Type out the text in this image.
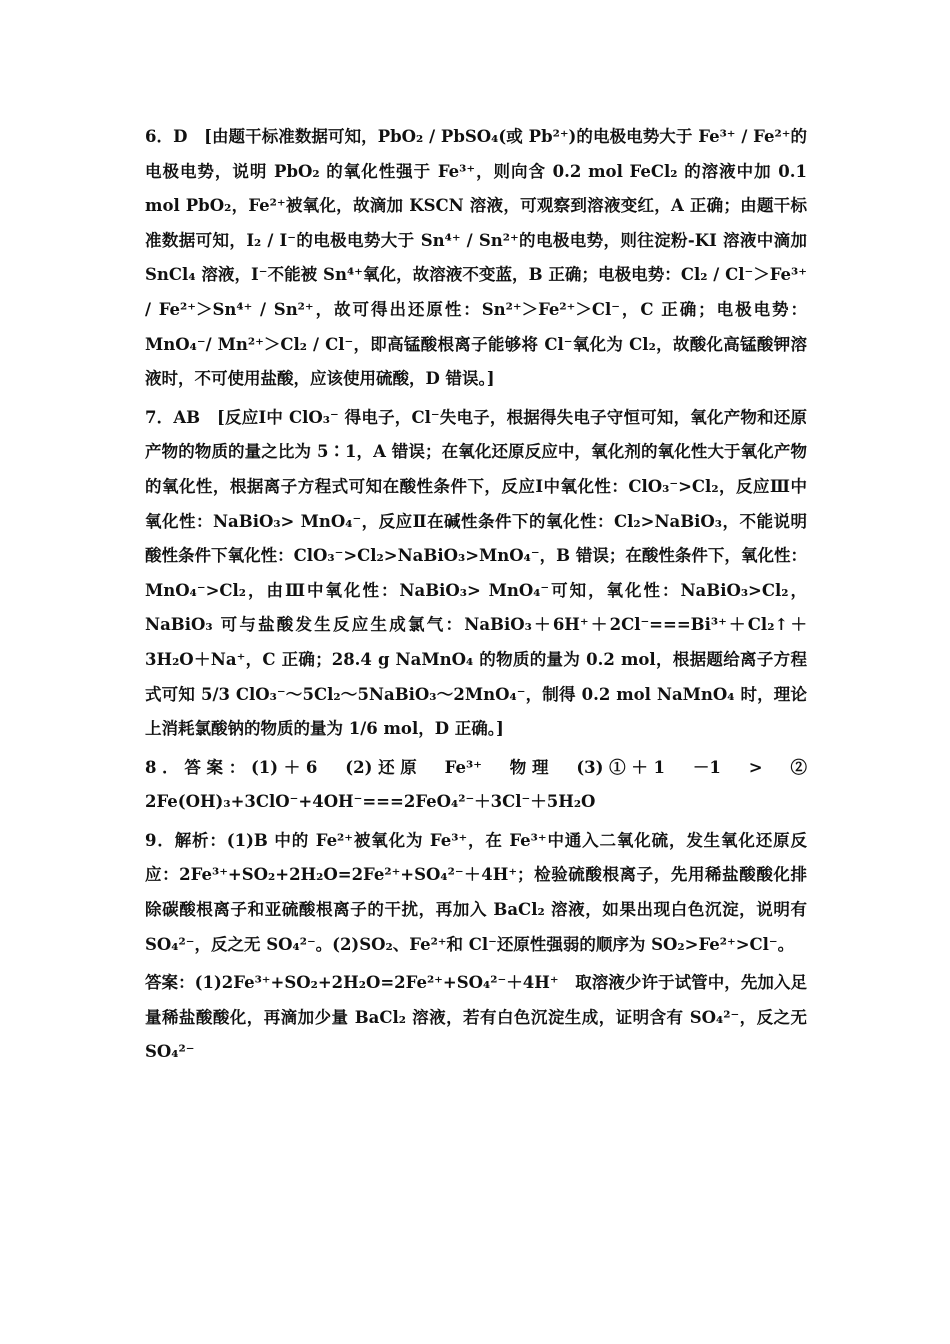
6．D　[由题干标准数据可知，PbO₂ / PbSO₄(或 Pb²⁺)的电极电势大于 Fe³⁺ / Fe²⁺的电极电势，说明 PbO₂ 的氧化性强于 Fe³⁺，则向含 0.2 mol FeCl₂ 的溶液中加 0.1 mol PbO₂，Fe²⁺被氧化，故滴加 KSCN 溶液，可观察到溶液变红，A 正确；由题干标准数据可知，I₂ / I⁻的电极电势大于 Sn⁴⁺ / Sn²⁺的电极电势，则往淀粉-KI 溶液中滴加 SnCl₄ 溶液，I⁻不能被 Sn⁴⁺氧化，故溶液不变蓝，B 正确；电极电势：Cl₂ / Cl⁻＞Fe³⁺ / Fe²⁺＞Sn⁴⁺ / Sn²⁺，故可得出还原性：Sn²⁺＞Fe²⁺＞Cl⁻，C 正确；电极电势：MnO₄⁻/ Mn²⁺＞Cl₂ / Cl⁻，即高锰酸根离子能够将 Cl⁻氧化为 Cl₂，故酸化高锰酸钾溶液时，不可使用盐酸，应该使用硫酸，D 错误。]

7．AB　[反应Ⅰ中 ClO₃⁻ 得电子，Cl⁻失电子，根据得失电子守恒可知，氧化产物和还原产物的物质的量之比为 5∶1，A 错误；在氧化还原反应中，氧化剂的氧化性大于氧化产物的氧化性，根据离子方程式可知在酸性条件下，反应Ⅰ中氧化性：ClO₃⁻>Cl₂，反应Ⅲ中氧化性：NaBiO₃> MnO₄⁻，反应Ⅱ在碱性条件下的氧化性：Cl₂>NaBiO₃，不能说明酸性条件下氧化性：ClO₃⁻>Cl₂>NaBiO₃>MnO₄⁻，B 错误；在酸性条件下，氧化性：MnO₄⁻>Cl₂，由Ⅲ中氧化性：NaBiO₃> MnO₄⁻可知，氧化性：NaBiO₃>Cl₂，NaBiO₃ 可与盐酸发生反应生成氯气：NaBiO₃＋6H⁺＋2Cl⁻===Bi³⁺＋Cl₂↑＋3H₂O＋Na⁺，C 正确；28.4 g NaMnO₄ 的物质的量为 0.2 mol，根据题给离子方程式可知 5/3 ClO₃⁻～5Cl₂～5NaBiO₃～2MnO₄⁻，制得 0.2 mol NaMnO₄ 时，理论上消耗氯酸钠的物质的量为 1/6 mol，D 正确。]

8．答案：(1)＋6　(2)还原　Fe³⁺　物理　(3)①＋1　－1　>　② 2Fe(OH)₃+3ClO⁻+4OH⁻===2FeO₄²⁻＋3Cl⁻＋5H₂O

9．解析：(1)B 中的 Fe²⁺被氧化为 Fe³⁺，在 Fe³⁺中通入二氧化硫，发生氧化还原反应：2Fe³⁺+SO₂+2H₂O=2Fe²⁺+SO₄²⁻＋4H⁺；检验硫酸根离子，先用稀盐酸酸化排除碳酸根离子和亚硫酸根离子的干扰，再加入 BaCl₂ 溶液，如果出现白色沉淀，说明有 SO₄²⁻，反之无 SO₄²⁻。(2)SO₂、Fe²⁺和 Cl⁻还原性强弱的顺序为 SO₂>Fe²⁺>Cl⁻。

答案：(1)2Fe³⁺+SO₂+2H₂O=2Fe²⁺+SO₄²⁻＋4H⁺　取溶液少许于试管中，先加入足量稀盐酸酸化，再滴加少量 BaCl₂ 溶液，若有白色沉淀生成，证明含有 SO₄²⁻，反之无 SO₄²⁻
